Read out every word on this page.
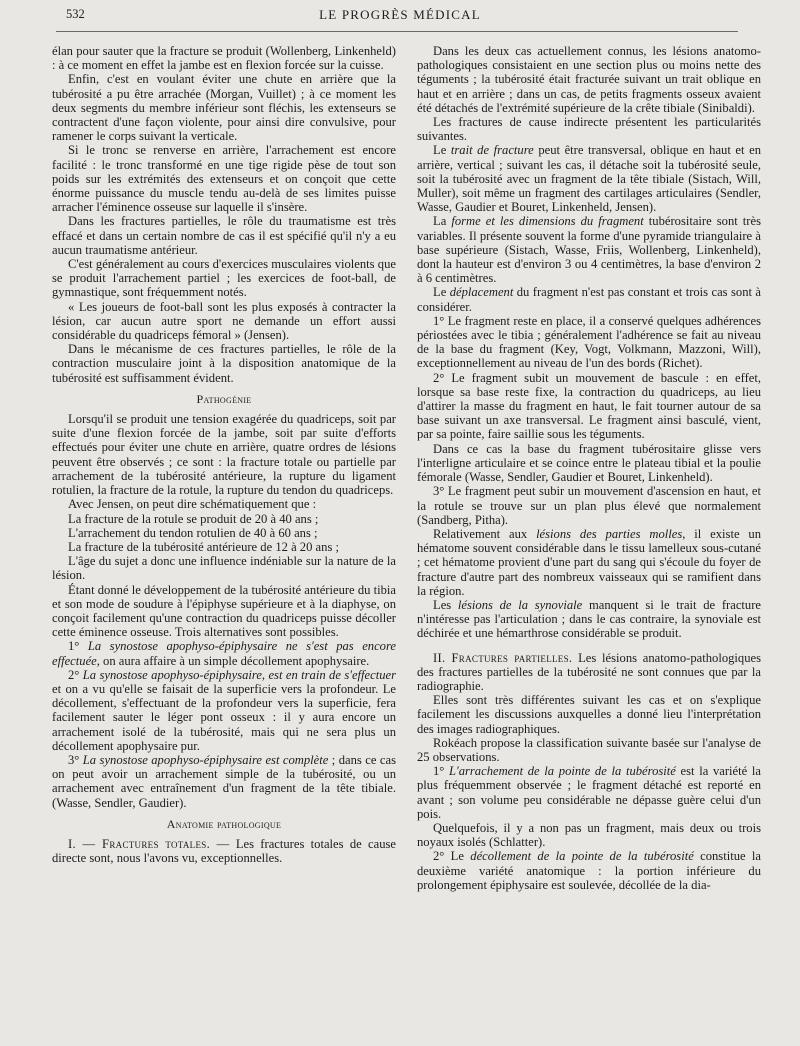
532	LE PROGRÈS MÉDICAL

élan pour sauter que la fracture se produit (Wollenberg, Linkenheld) : à ce moment en effet la jambe est en flexion forcée sur la cuisse.

Enfin, c'est en voulant éviter une chute en arrière que la tubérosité a pu être arrachée (Morgan, Vuillet) ; à ce moment les deux segments du membre inférieur sont fléchis, les extenseurs se contractent d'une façon violente, pour ainsi dire convulsive, pour ramener le corps suivant la verticale.

Si le tronc se renverse en arrière, l'arrachement est encore facilité : le tronc transformé en une tige rigide pèse de tout son poids sur les extrémités des extenseurs et on conçoit que cette énorme puissance du muscle tendu au-delà de ses limites puisse arracher l'éminence osseuse sur laquelle il s'insère.

Dans les fractures partielles, le rôle du traumatisme est très effacé et dans un certain nombre de cas il est spécifié qu'il n'y a eu aucun traumatisme antérieur.

C'est généralement au cours d'exercices musculaires violents que se produit l'arrachement partiel ; les exercices de foot-ball, de gymnastique, sont fréquemment notés.

« Les joueurs de foot-ball sont les plus exposés à contracter la lésion, car aucun autre sport ne demande un effort aussi considérable du quadriceps fémoral » (Jensen).

Dans le mécanisme de ces fractures partielles, le rôle de la contraction musculaire joint à la disposition anatomique de la tubérosité est suffisamment évident.

Pathogénie

Lorsqu'il se produit une tension exagérée du quadriceps, soit par suite d'une flexion forcée de la jambe, soit par suite d'efforts effectués pour éviter une chute en arrière, quatre ordres de lésions peuvent être observés ; ce sont : la fracture totale ou partielle par arrachement de la tubérosité antérieure, la rupture du ligament rotulien, la fracture de la rotule, la rupture du tendon du quadriceps.

Avec Jensen, on peut dire schématiquement que :

La fracture de la rotule se produit de 20 à 40 ans ;

L'arrachement du tendon rotulien de 40 à 60 ans ;

La fracture de la tubérosité antérieure de 12 à 20 ans ;

L'âge du sujet a donc une influence indéniable sur la nature de la lésion.

Étant donné le développement de la tubérosité antérieure du tibia et son mode de soudure à l'épiphyse supérieure et à la diaphyse, on conçoit facilement qu'une contraction du quadriceps puisse décoller cette éminence osseuse. Trois alternatives sont possibles.

1° La synostose apophyso-épiphysaire ne s'est pas encore effectuée, on aura affaire à un simple décollement apophysaire.

2° La synostose apophyso-épiphysaire, est en train de s'effectuer et on a vu qu'elle se faisait de la superficie vers la profondeur. Le décollement, s'effectuant de la profondeur vers la superficie, fera facilement sauter le léger pont osseux : il y aura encore un arrachement isolé de la tubérosité, mais qui ne sera plus un décollement apophysaire pur.

3° La synostose apophyso-épiphysaire est complète ; dans ce cas on peut avoir un arrachement simple de la tubérosité, ou un arrachement avec entraînement d'un fragment de la tête tibiale. (Wasse, Sendler, Gaudier).

Anatomie pathologique

I. — Fractures totales. — Les fractures totales de cause directe sont, nous l'avons vu, exceptionnelles.

Dans les deux cas actuellement connus, les lésions anatomo-pathologiques consistaient en une section plus ou moins nette des téguments ; la tubérosité était fracturée suivant un trait oblique en haut et en arrière ; dans un cas, de petits fragments osseux avaient été détachés de l'extrémité supérieure de la crête tibiale (Sinibaldi).

Les fractures de cause indirecte présentent les particularités suivantes.

Le trait de fracture peut être transversal, oblique en haut et en arrière, vertical ; suivant les cas, il détache soit la tubérosité seule, soit la tubérosité avec un fragment de la tête tibiale (Sistach, Will, Muller), soit même un fragment des cartilages articulaires (Sendler, Wasse, Gaudier et Bouret, Linkenheld, Jensen).

La forme et les dimensions du fragment tubérositaire sont très variables. Il présente souvent la forme d'une pyramide triangulaire à base supérieure (Sistach, Wasse, Friis, Wollenberg, Linkenheld), dont la hauteur est d'environ 3 ou 4 centimètres, la base d'environ 2 à 6 centimètres.

Le déplacement du fragment n'est pas constant et trois cas sont à considérer.

1° Le fragment reste en place, il a conservé quelques adhérences périostées avec le tibia ; généralement l'adhérence se fait au niveau de la base du fragment (Key, Vogt, Volkmann, Mazzoni, Will), exceptionnellement au niveau de l'un des bords (Richet).

2° Le fragment subit un mouvement de bascule : en effet, lorsque sa base reste fixe, la contraction du quadriceps, au lieu d'attirer la masse du fragment en haut, le fait tourner autour de sa base suivant un axe transversal. Le fragment ainsi basculé, vient, par sa pointe, faire saillie sous les téguments.

Dans ce cas la base du fragment tubérositaire glisse vers l'interligne articulaire et se coince entre le plateau tibial et la poulie fémorale (Wasse, Sendler, Gaudier et Bouret, Linkenheld).

3° Le fragment peut subir un mouvement d'ascension en haut, et la rotule se trouve sur un plan plus élevé que normalement (Sandberg, Pitha).

Relativement aux lésions des parties molles, il existe un hématome souvent considérable dans le tissu lamelleux sous-cutané ; cet hématome provient d'une part du sang qui s'écoule du foyer de fracture d'autre part des nombreux vaisseaux qui se ramifient dans la région.

Les lésions de la synoviale manquent si le trait de fracture n'intéresse pas l'articulation ; dans le cas contraire, la synoviale est déchirée et une hémarthrose considérable se produit.

II. Fractures partielles. Les lésions anatomo-pathologiques des fractures partielles de la tubérosité ne sont connues que par la radiographie.

Elles sont très différentes suivant les cas et on s'explique facilement les discussions auxquelles a donné lieu l'interprétation des images radiographiques.

Rokéach propose la classification suivante basée sur l'analyse de 25 observations.

1° L'arrachement de la pointe de la tubérosité est la variété la plus fréquemment observée ; le fragment détaché est reporté en avant ; son volume peu considérable ne dépasse guère celui d'un pois.

Quelquefois, il y a non pas un fragment, mais deux ou trois noyaux isolés (Schlatter).

2° Le décollement de la pointe de la tubérosité constitue la deuxième variété anatomique : la portion inférieure du prolongement épiphysaire est soulevée, décollée de la dia-
